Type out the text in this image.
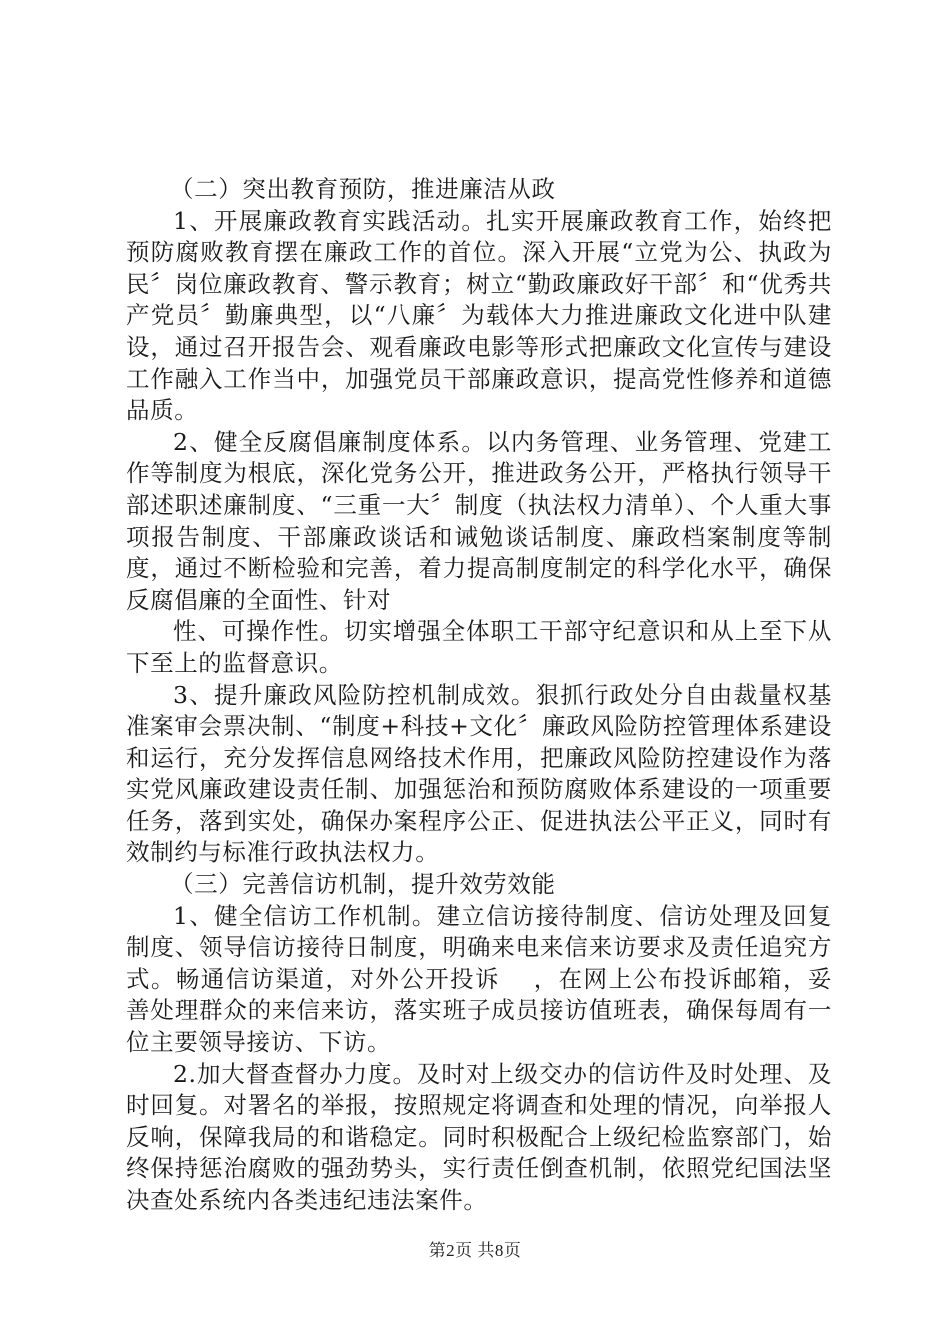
（二）突出教育预防，推进廉洁从政

1、开展廉政教育实践活动。扎实开展廉政教育工作，始终把预防腐败教育摆在廉政工作的首位。深入开展“立党为公、执政为民〞岗位廉政教育、警示教育；树立“勤政廉政好干部〞和“优秀共产党员〞勤廉典型，以“八廉〞为载体大力推进廉政文化进中队建设，通过召开报告会、观看廉政电影等形式把廉政文化宣传与建设工作融入工作当中，加强党员干部廉政意识，提高党性修养和道德品质。

2、健全反腐倡廉制度体系。以内务管理、业务管理、党建工作等制度为根底，深化党务公开，推进政务公开，严格执行领导干部述职述廉制度、“三重一大〞制度（执法权力清单）、个人重大事项报告制度、干部廉政谈话和诫勉谈话制度、廉政档案制度等制度，通过不断检验和完善，着力提高制度制定的科学化水平，确保反腐倡廉的全面性、针对

性、可操作性。切实增强全体职工干部守纪意识和从上至下从下至上的监督意识。

3、提升廉政风险防控机制成效。狠抓行政处分自由裁量权基准案审会票决制、“制度+科技+文化〞廉政风险防控管理体系建设和运行，充分发挥信息网络技术作用，把廉政风险防控建设作为落实党风廉政建设责任制、加强惩治和预防腐败体系建设的一项重要任务，落到实处，确保办案程序公正、促进执法公平正义，同时有效制约与标准行政执法权力。

（三）完善信访机制，提升效劳效能

1、健全信访工作机制。建立信访接待制度、信访处理及回复制度、领导信访接待日制度，明确来电来信来访要求及责任追究方式。畅通信访渠道，对外公开投诉　 ，在网上公布投诉邮箱，妥善处理群众的来信来访，落实班子成员接访值班表，确保每周有一位主要领导接访、下访。

2.加大督查督办力度。及时对上级交办的信访件及时处理、及时回复。对署名的举报，按照规定将调查和处理的情况，向举报人反响，保障我局的和谐稳定。同时积极配合上级纪检监察部门，始终保持惩治腐败的强劲势头，实行责任倒查机制，依照党纪国法坚决查处系统内各类违纪违法案件。

第2页 共8页
